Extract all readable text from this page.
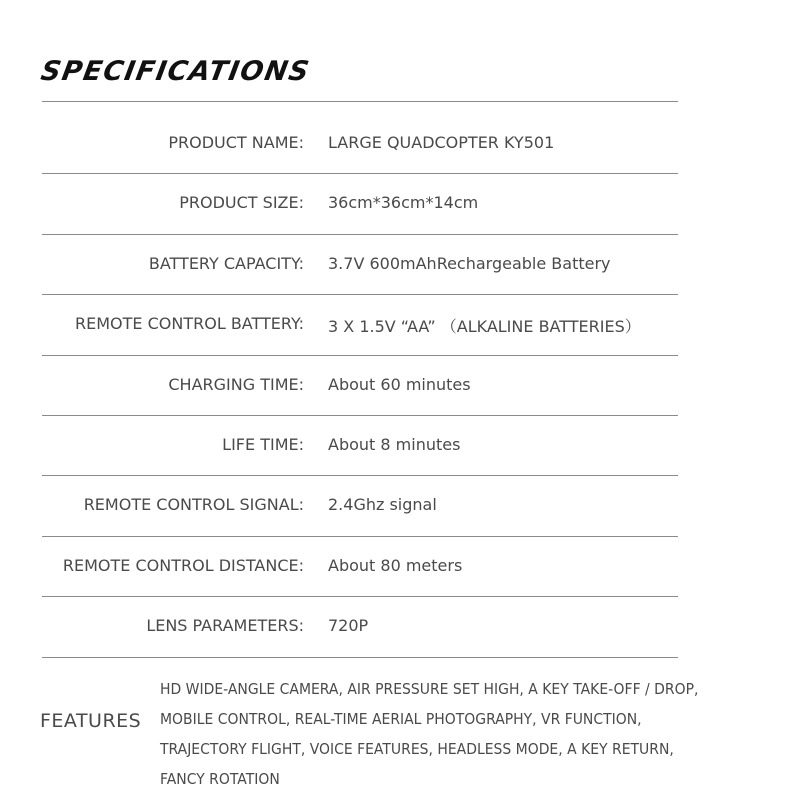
SPECIFICATIONS
PRODUCT NAME: LARGE QUADCOPTER KY501
PRODUCT SIZE: 36cm*36cm*14cm
BATTERY CAPACITY: 3.7V 600mAhRechargeable Battery
REMOTE CONTROL BATTERY: 3 X 1.5V “AA” （ALKALINE BATTERIES）
CHARGING TIME: About 60 minutes
LIFE TIME: About 8 minutes
REMOTE CONTROL SIGNAL: 2.4Ghz signal
REMOTE CONTROL DISTANCE: About 80 meters
LENS PARAMETERS: 720P
FEATURES
HD WIDE-ANGLE CAMERA, AIR PRESSURE SET HIGH, A KEY TAKE-OFF / DROP,
MOBILE CONTROL, REAL-TIME AERIAL PHOTOGRAPHY, VR FUNCTION,
TRAJECTORY FLIGHT, VOICE FEATURES, HEADLESS MODE, A KEY RETURN,
FANCY ROTATION
